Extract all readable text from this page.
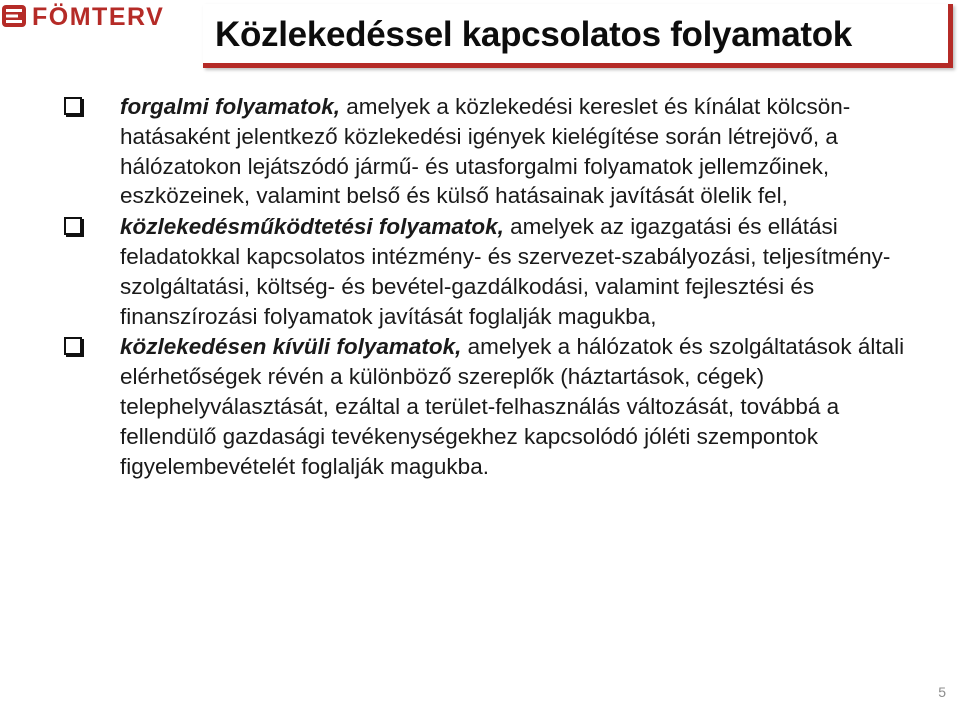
FÖMTERV Közlekedéssel kapcsolatos folyamatok
forgalmi folyamatok, amelyek a közlekedési kereslet és kínálat kölcsön-hatásaként jelentkező közlekedési igények kielégítése során létrejövő, a hálózatokon lejátszódó jármű- és utasforgalmi folyamatok jellemzőinek, eszközeinek, valamint belső és külső hatásainak javítását ölelik fel,
közlekedésműködtetési folyamatok, amelyek az igazgatási és ellátási feladatokkal kapcsolatos intézmény- és szervezet-szabályozási, teljesítmény-szolgáltatási, költség- és bevétel-gazdálkodási, valamint fejlesztési és finanszírozási folyamatok javítását foglalják magukba,
közlekedésen kívüli folyamatok, amelyek a hálózatok és szolgáltatások általi elérhetőségek révén a különböző szereplők (háztartások, cégek) telephelyválasztását, ezáltal a terület-felhasználás változását, továbbá a fellendülő gazdasági tevékenységekhez kapcsolódó jóléti szempontok figyelembevételét foglalják magukba.
5
